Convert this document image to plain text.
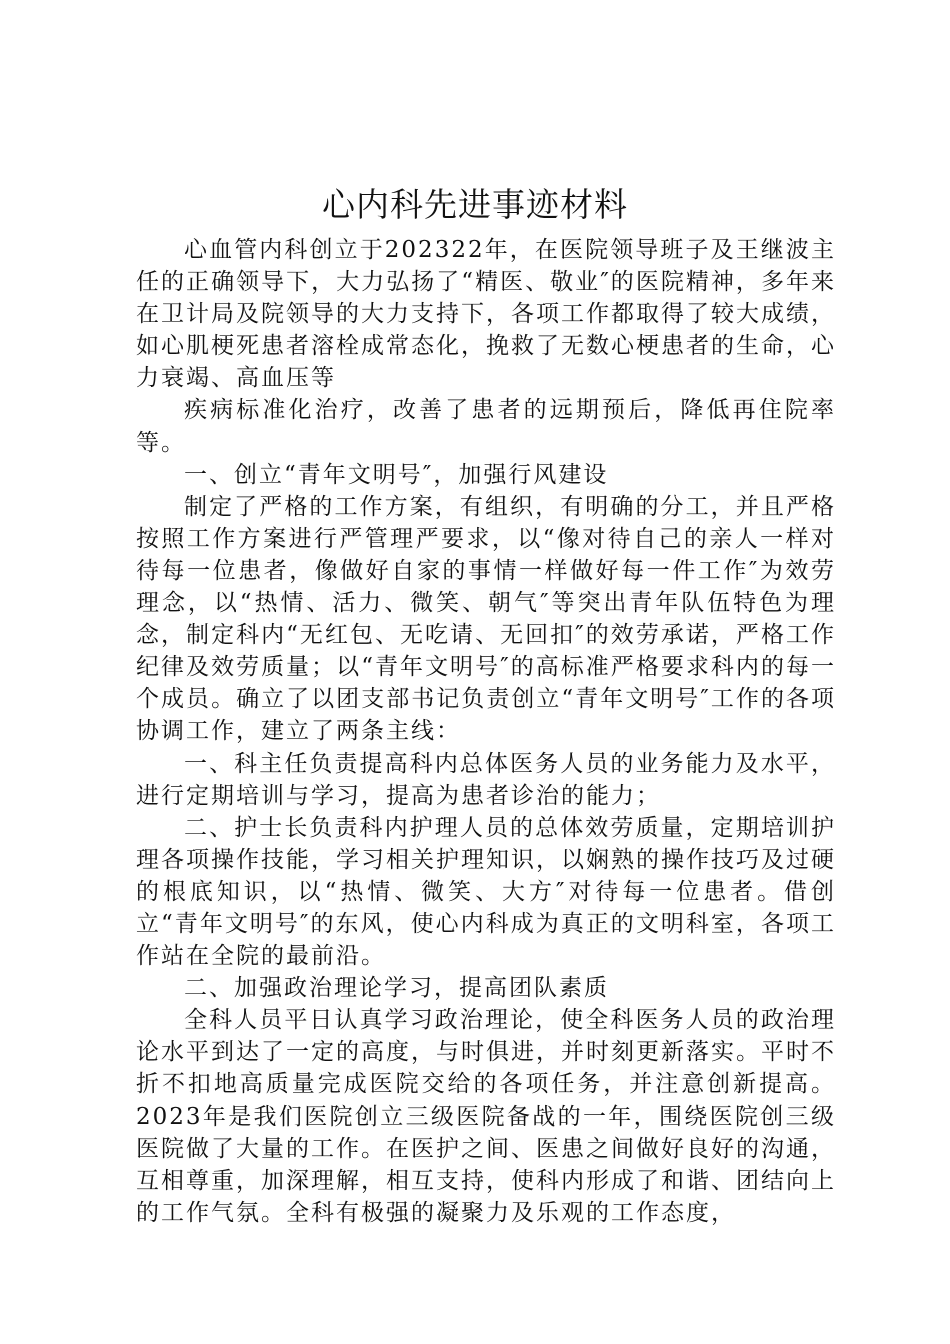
心内科先进事迹材料

心血管内科创立于202322年，在医院领导班子及王继波主任的正确领导下，大力弘扬了“精医、敬业″的医院精神，多年来在卫计局及院领导的大力支持下，各项工作都取得了较大成绩，如心肌梗死患者溶栓成常态化，挽救了无数心梗患者的生命，心力衰竭、高血压等

疾病标准化治疗，改善了患者的远期预后，降低再住院率等。

一、创立“青年文明号″，加强行风建设

制定了严格的工作方案，有组织，有明确的分工，并且严格按照工作方案进行严管理严要求，以“像对待自己的亲人一样对待每一位患者，像做好自家的事情一样做好每一件工作″为效劳理念，以“热情、活力、微笑、朝气″等突出青年队伍特色为理念，制定科内“无红包、无吃请、无回扣″的效劳承诺，严格工作纪律及效劳质量；以“青年文明号″的高标准严格要求科内的每一个成员。确立了以团支部书记负责创立“青年文明号″工作的各项协调工作，建立了两条主线：

一、科主任负责提高科内总体医务人员的业务能力及水平，进行定期培训与学习，提高为患者诊治的能力；

二、护士长负责科内护理人员的总体效劳质量，定期培训护理各项操作技能，学习相关护理知识，以娴熟的操作技巧及过硬的根底知识，以“热情、微笑、大方″对待每一位患者。借创立“青年文明号″的东风，使心内科成为真正的文明科室，各项工作站在全院的最前沿。

二、加强政治理论学习，提高团队素质

全科人员平日认真学习政治理论，使全科医务人员的政治理论水平到达了一定的高度，与时俱进，并时刻更新落实。平时不折不扣地高质量完成医院交给的各项任务，并注意创新提高。2023年是我们医院创立三级医院备战的一年，围绕医院创三级医院做了大量的工作。在医护之间、医患之间做好良好的沟通，互相尊重，加深理解，相互支持，使科内形成了和谐、团结向上的工作气氛。全科有极强的凝聚力及乐观的工作态度，
